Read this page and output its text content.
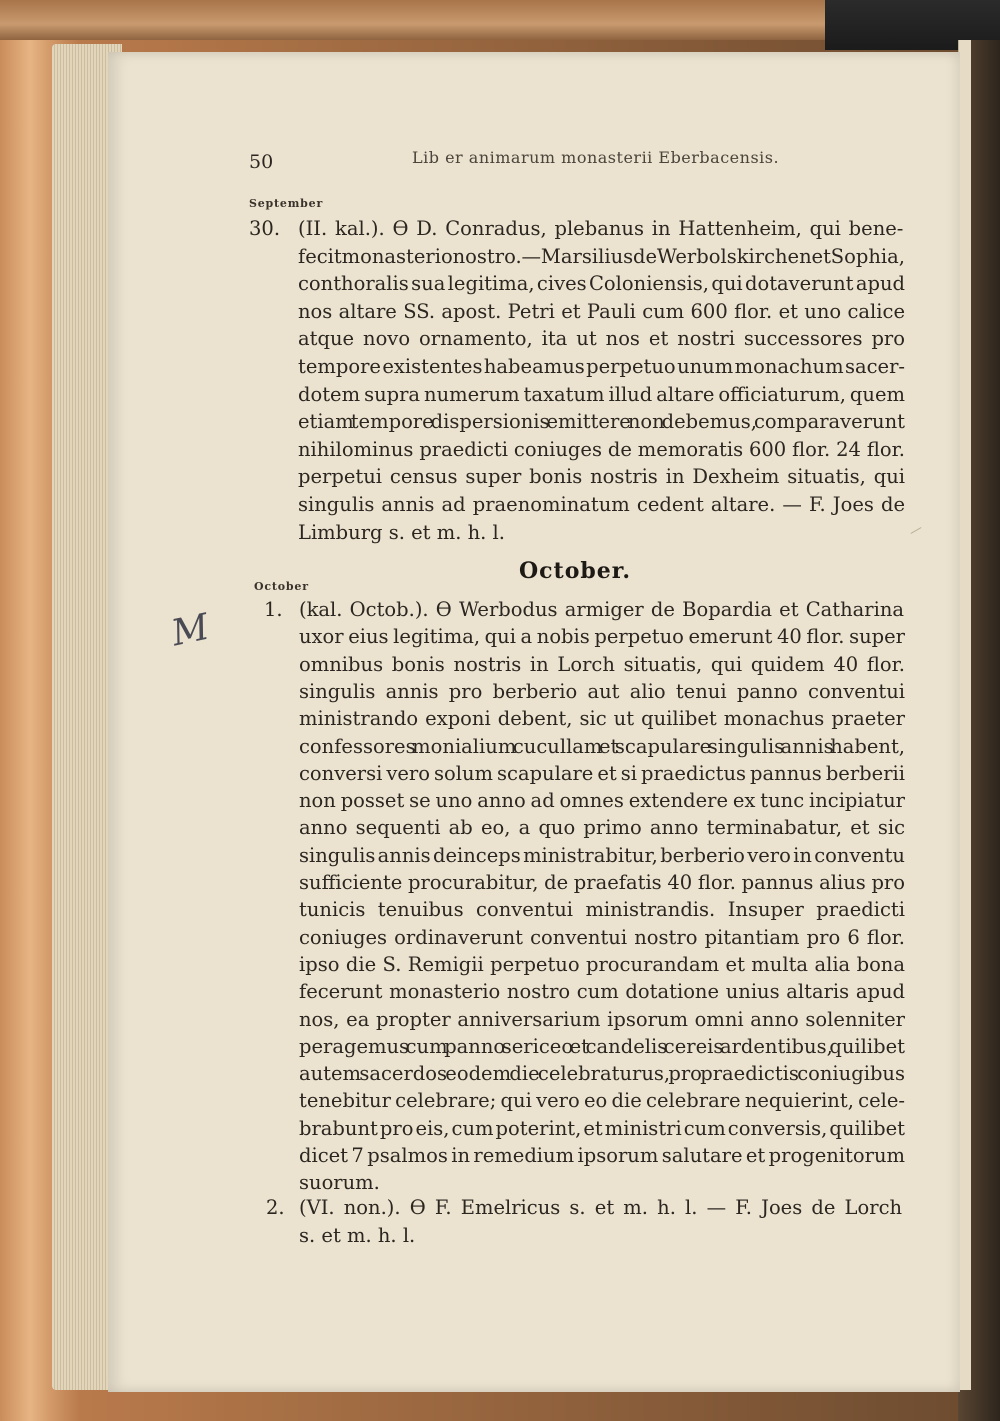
50	Lib er animarum monasterii Eberbacensis.
September
October
October.
M
30.
1.
2.
(II. kal.). ϴ D. Conradus, plebanus in Hattenheim, qui bene-
fecit monasterio nostro. — Marsilius de Werbolskirchen et Sophia,
conthoralis sua legitima, cives Coloniensis, qui dotaverunt apud
nos altare SS. apost. Petri et Pauli cum 600 flor. et uno calice
atque novo ornamento, ita ut nos et nostri successores pro
tempore existentes habeamus perpetuo unum monachum sacer-
dotem supra numerum taxatum illud altare officiaturum, quem
etiam tempore dispersionis emittere non debemus, comparaverunt
nihilominus praedicti coniuges de memoratis 600 flor. 24 flor.
perpetui census super bonis nostris in Dexheim situatis, qui
singulis annis ad praenominatum cedent altare. — F. Joes de
Limburg s. et m. h. l.
(kal. Octob.). ϴ Werbodus armiger de Bopardia et Catharina
uxor eius legitima, qui a nobis perpetuo emerunt 40 flor. super
omnibus bonis nostris in Lorch situatis, qui quidem 40 flor.
singulis annis pro berberio aut alio tenui panno conventui
ministrando exponi debent, sic ut quilibet monachus praeter
confessores monialium cucullam et scapulare singulis annis habent,
conversi vero solum scapulare et si praedictus pannus berberii
non posset se uno anno ad omnes extendere ex tunc incipiatur
anno sequenti ab eo, a quo primo anno terminabatur, et sic
singulis annis deinceps ministrabitur, berberio vero in conventu
sufficiente procurabitur, de praefatis 40 flor. pannus alius pro
tunicis tenuibus conventui ministrandis. Insuper praedicti
coniuges ordinaverunt conventui nostro pitantiam pro 6 flor.
ipso die S. Remigii perpetuo procurandam et multa alia bona
fecerunt monasterio nostro cum dotatione unius altaris apud
nos, ea propter anniversarium ipsorum omni anno solenniter
peragemus cum panno sericeo et candelis cereis ardentibus, quilibet
autem sacerdos eodem die celebraturus, pro praedictis coniugibus
tenebitur celebrare; qui vero eo die celebrare nequierint, cele-
brabunt pro eis, cum poterint, et ministri cum conversis, quilibet
dicet 7 psalmos in remedium ipsorum salutare et progenitorum
suorum.
(VI. non.). ϴ F. Emelricus s. et m. h. l. — F. Joes de Lorch
s. et m. h. l.
